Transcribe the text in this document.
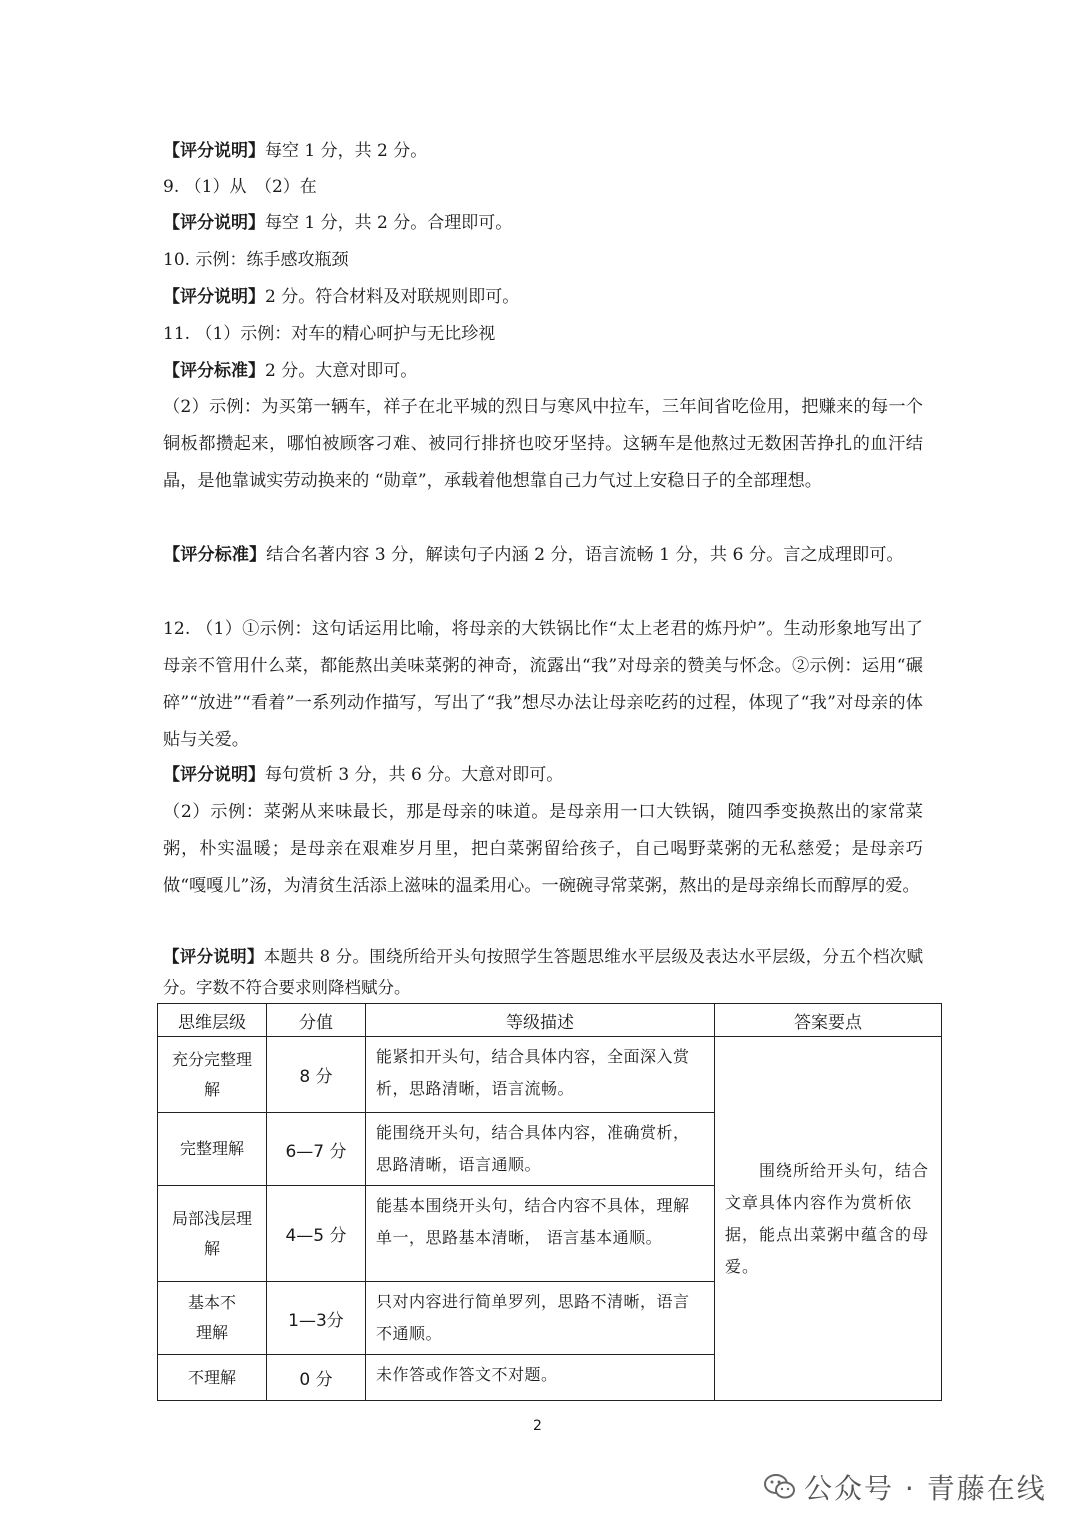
【评分说明】每空 1 分，共 2 分。
9. （1）从　（2）在
【评分说明】每空 1 分，共 2 分。合理即可。
10. 示例：练手感攻瓶颈
【评分说明】2 分。符合材料及对联规则即可。
11. （1）示例：对车的精心呵护与无比珍视
【评分标准】2 分。大意对即可。
（2）示例：为买第一辆车，祥子在北平城的烈日与寒风中拉车，三年间省吃俭用，把赚来的每一个铜板都攒起来，哪怕被顾客刁难、被同行排挤也咬牙坚持。这辆车是他熬过无数困苦挣扎的血汗结晶，是他靠诚实劳动换来的 “勋章”，承载着他想靠自己力气过上安稳日子的全部理想。
【评分标准】结合名著内容 3 分，解读句子内涵 2 分，语言流畅 1 分，共 6 分。言之成理即可。
12. （1）①示例：这句话运用比喻，将母亲的大铁锅比作“太上老君的炼丹炉”。生动形象地写出了母亲不管用什么菜，都能熬出美味菜粥的神奇，流露出“我”对母亲的赞美与怀念。②示例：运用“碾碎”“放进”“看着”一系列动作描写，写出了“我”想尽办法让母亲吃药的过程，体现了“我”对母亲的体贴与关爱。
【评分说明】每句赏析 3 分，共 6 分。大意对即可。
（2）示例：菜粥从来味最长，那是母亲的味道。是母亲用一口大铁锅，随四季变换熬出的家常菜粥，朴实温暖；是母亲在艰难岁月里，把白菜粥留给孩子，自己喝野菜粥的无私慈爱；是母亲巧做“嘎嘎儿”汤，为清贫生活添上滋味的温柔用心。一碗碗寻常菜粥，熬出的是母亲绵长而醇厚的爱。
【评分说明】本题共 8 分。围绕所给开头句按照学生答题思维水平层级及表达水平层级，分五个档次赋分。字数不符合要求则降档赋分。
思维层级	分值	等级描述	答案要点

充分完整理解	8 分	能紧扣开头句，结合具体内容，全面深入赏析，思路清晰，语言流畅。	　　围绕所给开头句，结合文章具体内容作为赏析依据，能点出菜粥中蕴含的母爱。
完整理解	6—7 分	能围绕开头句，结合具体内容，准确赏析，思路清晰，语言通顺。	

局部浅层理解	4—5 分	能基本围绕开头句，结合内容不具体，理解单一，思路基本清晰， 语言基本通顺。	

基本不理解	1—3分	只对内容进行简单罗列，思路不清晰，语言不通顺。	
不理解	0 分	未作答或作答文不对题。	
2
公众号 · 青藤在线
